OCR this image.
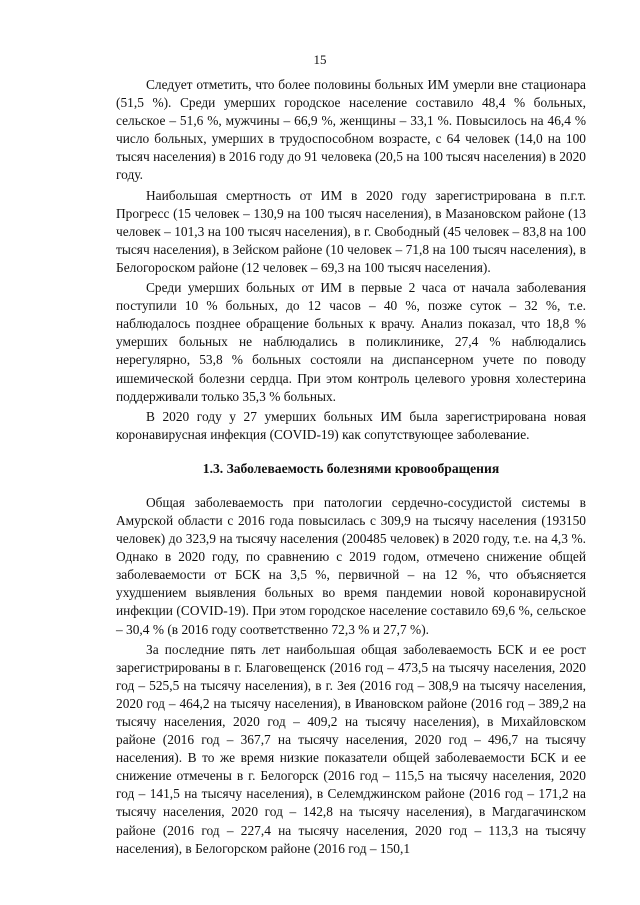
15

Следует отметить, что более половины больных ИМ умерли вне стационара (51,5 %). Среди умерших городское население составило 48,4 % больных, сельское – 51,6 %, мужчины – 66,9 %, женщины – 33,1 %. Повысилось на 46,4 % число больных, умерших в трудоспособном возрасте, с 64 человек (14,0 на 100 тысяч населения) в 2016 году до 91 человека (20,5 на 100 тысяч населения) в 2020 году.

Наибольшая смертность от ИМ в 2020 году зарегистрирована в п.г.т. Прогресс (15 человек – 130,9 на 100 тысяч населения), в Мазановском районе (13 человек – 101,3 на 100 тысяч населения), в г. Свободный (45 человек – 83,8 на 100 тысяч населения), в Зейском районе (10 человек – 71,8 на 100 тысяч населения), в Белогороском районе (12 человек – 69,3 на 100 тысяч населения).

Среди умерших больных от ИМ в первые 2 часа от начала заболевания поступили 10 % больных, до 12 часов – 40 %, позже суток – 32 %, т.е. наблюдалось позднее обращение больных к врачу. Анализ показал, что 18,8 % умерших больных не наблюдались в поликлинике, 27,4 % наблюдались нерегулярно, 53,8 % больных состояли на диспансерном учете по поводу ишемической болезни сердца. При этом контроль целевого уровня холестерина поддерживали только 35,3 % больных.

В 2020 году у 27 умерших больных ИМ была зарегистрирована новая коронавирусная инфекция (COVID-19) как сопутствующее заболевание.

1.3. Заболеваемость болезнями кровообращения

Общая заболеваемость при патологии сердечно-сосудистой системы в Амурской области с 2016 года повысилась с 309,9 на тысячу населения (193150 человек) до 323,9 на тысячу населения (200485 человек) в 2020 году, т.е. на 4,3 %. Однако в 2020 году, по сравнению с 2019 годом, отмечено снижение общей заболеваемости от БСК на 3,5 %, первичной – на 12 %, что объясняется ухудшением выявления больных во время пандемии новой коронавирусной инфекции (COVID-19). При этом городское население составило 69,6 %, сельское – 30,4 % (в 2016 году соответственно 72,3 % и 27,7 %).

За последние пять лет наибольшая общая заболеваемость БСК и ее рост зарегистрированы в г. Благовещенск (2016 год – 473,5 на тысячу населения, 2020 год – 525,5 на тысячу населения), в г. Зея (2016 год – 308,9 на тысячу населения, 2020 год – 464,2 на тысячу населения), в Ивановском районе (2016 год – 389,2 на тысячу населения, 2020 год – 409,2 на тысячу населения), в Михайловском районе (2016 год – 367,7 на тысячу населения, 2020 год – 496,7 на тысячу населения). В то же время низкие показатели общей заболеваемости БСК и ее снижение отмечены в г. Белогорск (2016 год – 115,5 на тысячу населения, 2020 год – 141,5 на тысячу населения), в Селемджинском районе (2016 год – 171,2 на тысячу населения, 2020 год – 142,8 на тысячу населения), в Магдагачинском районе (2016 год – 227,4 на тысячу населения, 2020 год – 113,3 на тысячу населения), в Белогорском районе (2016 год – 150,1
